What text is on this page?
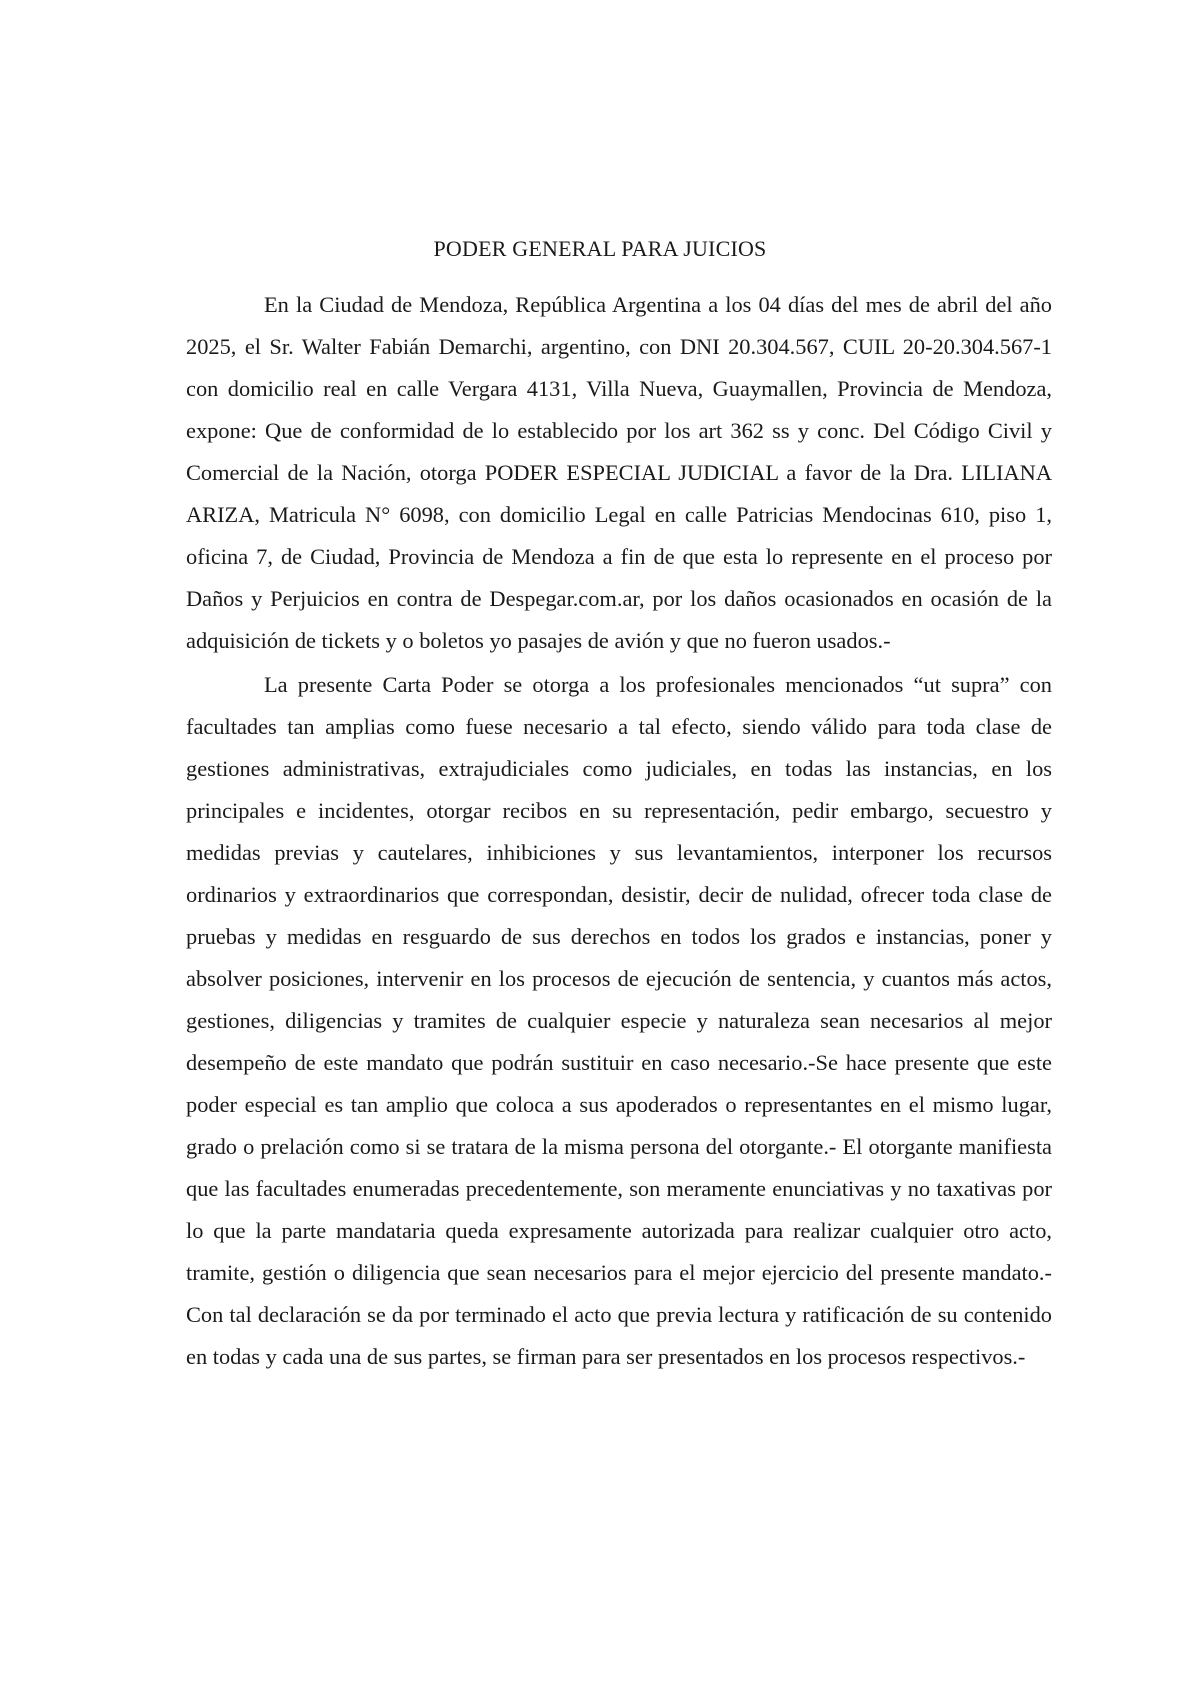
PODER GENERAL PARA JUICIOS

En la Ciudad de Mendoza, República Argentina a los 04 días del mes de abril del año 2025, el Sr. Walter Fabián Demarchi, argentino, con DNI 20.304.567, CUIL 20-20.304.567-1 con domicilio real en calle Vergara 4131, Villa Nueva, Guaymallen, Provincia de Mendoza, expone: Que de conformidad de lo establecido por los art 362 ss y conc. Del Código Civil y Comercial de la Nación, otorga PODER ESPECIAL JUDICIAL a favor de la Dra. LILIANA ARIZA, Matricula N° 6098, con domicilio Legal en calle Patricias Mendocinas 610, piso 1, oficina 7, de Ciudad, Provincia de Mendoza a fin de que esta lo represente en el proceso por Daños y Perjuicios en contra de Despegar.com.ar, por los daños ocasionados en ocasión de la adquisición de tickets y o boletos yo pasajes de avión y que no fueron usados.-

La presente Carta Poder se otorga a los profesionales mencionados “ut supra” con facultades tan amplias como fuese necesario a tal efecto, siendo válido para toda clase de gestiones administrativas, extrajudiciales como judiciales, en todas las instancias, en los principales e incidentes, otorgar recibos en su representación, pedir embargo, secuestro y medidas previas y cautelares, inhibiciones y sus levantamientos, interponer los recursos ordinarios y extraordinarios que correspondan, desistir, decir de nulidad, ofrecer toda clase de pruebas y medidas en resguardo de sus derechos en todos los grados e instancias, poner y absolver posiciones, intervenir en los procesos de ejecución de sentencia, y cuantos más actos, gestiones, diligencias y tramites de cualquier especie y naturaleza sean necesarios al mejor desempeño de este mandato que podrán sustituir en caso necesario.-Se hace presente que este poder especial es tan amplio que coloca a sus apoderados o representantes en el mismo lugar, grado o prelación como si se tratara de la misma persona del otorgante.- El otorgante manifiesta que las facultades enumeradas precedentemente, son meramente enunciativas y no taxativas por lo que la parte mandataria queda expresamente autorizada para realizar cualquier otro acto, tramite, gestión o diligencia que sean necesarios para el mejor ejercicio del presente mandato.- Con tal declaración se da por terminado el acto que previa lectura y ratificación de su contenido en todas y cada una de sus partes, se firman para ser presentados en los procesos respectivos.-
